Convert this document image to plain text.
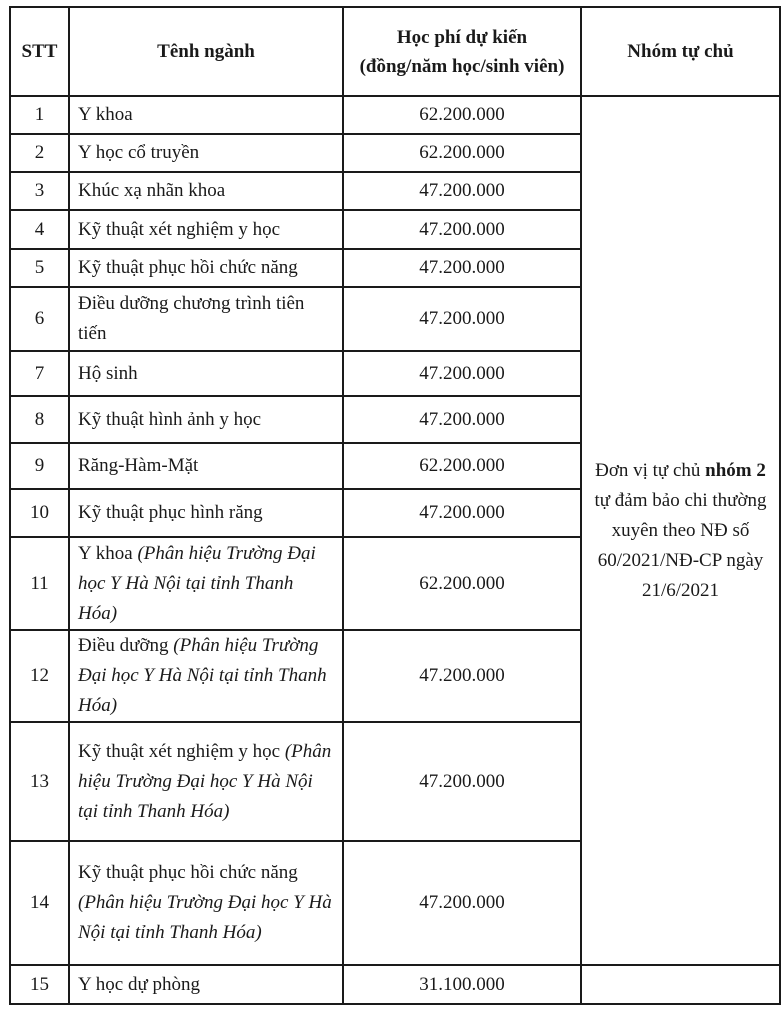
STT	Tênh ngành	Học phí dự kiến (đồng/năm học/sinh viên)	Nhóm tự chủ
1	Y khoa	62.200.000	Đơn vị tự chủ nhóm 2 tự đảm bảo chi thường xuyên theo NĐ số 60/2021/NĐ-CP ngày 21/6/2021
2	Y học cổ truyền	62.200.000	
3	Khúc xạ nhãn khoa	47.200.000	
4	Kỹ thuật xét nghiệm y học	47.200.000	
5	Kỹ thuật phục hồi chức năng	47.200.000	
6	Điều dưỡng chương trình tiên tiến	47.200.000	
7	Hộ sinh	47.200.000	
8	Kỹ thuật hình ảnh y học	47.200.000	
9	Răng-Hàm-Mặt	62.200.000	
10	Kỹ thuật phục hình răng	47.200.000	
11	Y khoa (Phân hiệu Trường Đại học Y Hà Nội tại tỉnh Thanh Hóa)	62.200.000	
12	Điều dưỡng (Phân hiệu Trường Đại học Y Hà Nội tại tỉnh Thanh Hóa)	47.200.000	
13	Kỹ thuật xét nghiệm y học (Phân hiệu Trường Đại học Y Hà Nội tại tỉnh Thanh Hóa)	47.200.000	
14	Kỹ thuật phục hồi chức năng (Phân hiệu Trường Đại học Y Hà Nội tại tỉnh Thanh Hóa)	47.200.000	
15	Y học dự phòng	31.100.000	
